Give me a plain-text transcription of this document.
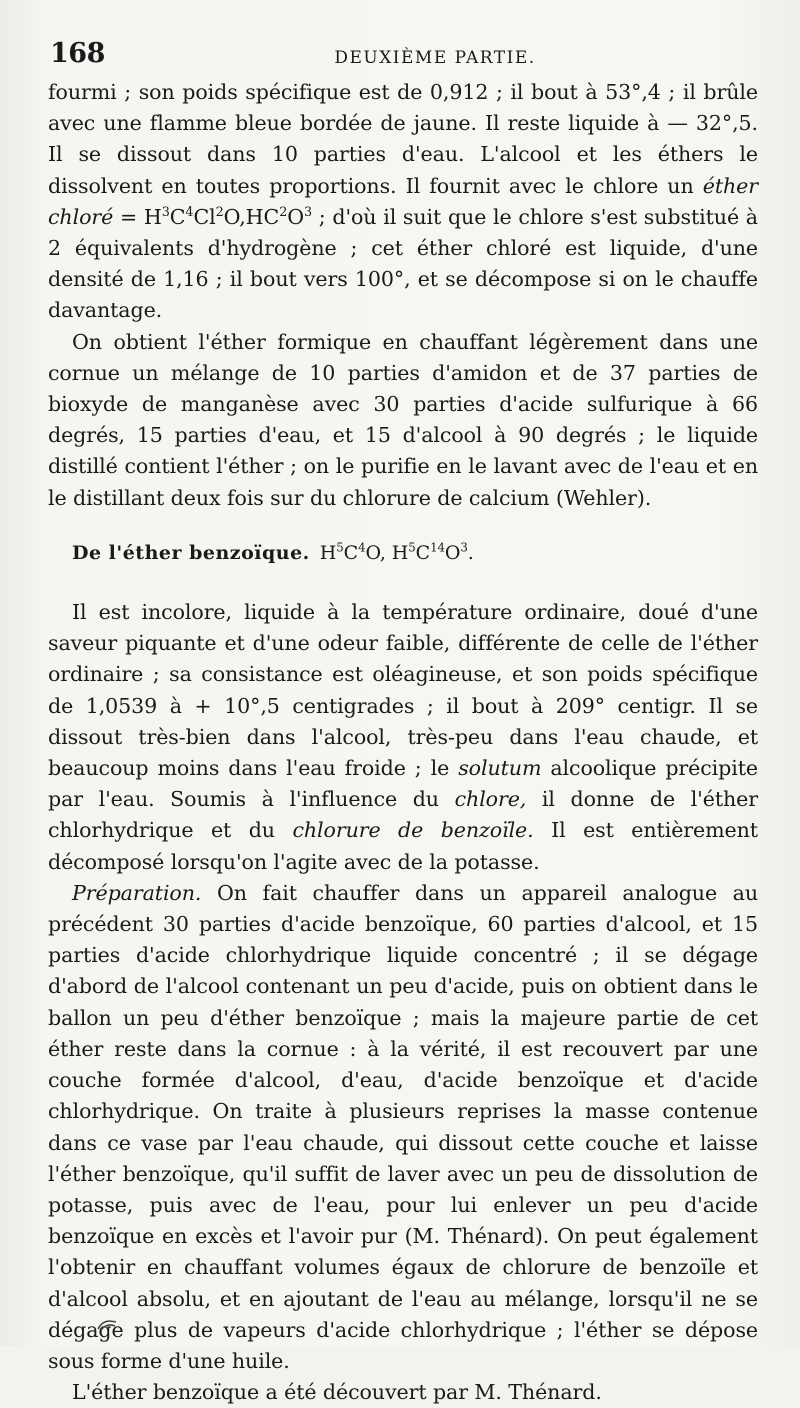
168	DEUXIÈME PARTIE.

fourmi ; son poids spécifique est de 0,912 ; il bout à 53°,4 ; il brûle avec une flamme bleue bordée de jaune. Il reste liquide à — 32°,5. Il se dissout dans 10 parties d'eau. L'alcool et les éthers le dissolvent en toutes proportions. Il fournit avec le chlore un éther chloré = $H^3C^4Cl^2O,HC^2O^3$ ; d'où il suit que le chlore s'est substitué à 2 équivalents d'hydrogène ; cet éther chloré est liquide, d'une densité de 1,16 ; il bout vers 100°, et se décompose si on le chauffe davantage.

On obtient l'éther formique en chauffant légèrement dans une cornue un mélange de 10 parties d'amidon et de 37 parties de bioxyde de manganèse avec 30 parties d'acide sulfurique à 66 degrés, 15 parties d'eau, et 15 d'alcool à 90 degrés ; le liquide distillé contient l'éther ; on le purifie en le lavant avec de l'eau et en le distillant deux fois sur du chlorure de calcium (Wehler).

De l'éther benzoïque. $H^5C^4O$, $H^5C^{14}O^3$.

Il est incolore, liquide à la température ordinaire, doué d'une saveur piquante et d'une odeur faible, différente de celle de l'éther ordinaire ; sa consistance est oléagineuse, et son poids spécifique de 1,0539 à + 10°,5 centigrades ; il bout à 209° centigr. Il se dissout très-bien dans l'alcool, très-peu dans l'eau chaude, et beaucoup moins dans l'eau froide ; le solutum alcoolique précipite par l'eau. Soumis à l'influence du chlore, il donne de l'éther chlorhydrique et du chlorure de benzoïle. Il est entièrement décomposé lorsqu'on l'agite avec de la potasse.

Préparation. On fait chauffer dans un appareil analogue au précédent 30 parties d'acide benzoïque, 60 parties d'alcool, et 15 parties d'acide chlorhydrique liquide concentré ; il se dégage d'abord de l'alcool contenant un peu d'acide, puis on obtient dans le ballon un peu d'éther benzoïque ; mais la majeure partie de cet éther reste dans la cornue : à la vérité, il est recouvert par une couche formée d'alcool, d'eau, d'acide benzoïque et d'acide chlorhydrique. On traite à plusieurs reprises la masse contenue dans ce vase par l'eau chaude, qui dissout cette couche et laisse l'éther benzoïque, qu'il suffit de laver avec un peu de dissolution de potasse, puis avec de l'eau, pour lui enlever un peu d'acide benzoïque en excès et l'avoir pur (M. Thénard). On peut également l'obtenir en chauffant volumes égaux de chlorure de benzoïle et d'alcool absolu, et en ajoutant de l'eau au mélange, lorsqu'il ne se dégage plus de vapeurs d'acide chlorhydrique ; l'éther se dépose sous forme d'une huile.

L'éther benzoïque a été découvert par M. Thénard.
